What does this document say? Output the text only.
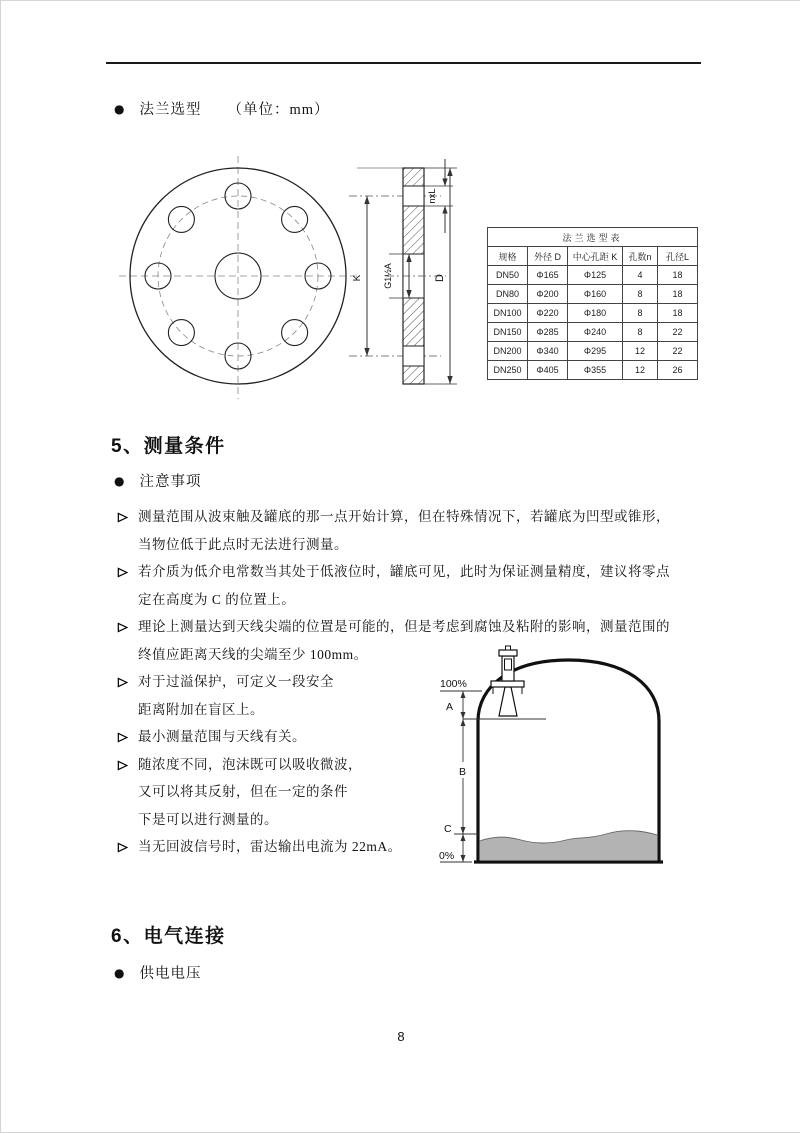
● 法兰选型 （单位：mm）
K
nxL
G1½A	D
法兰选型表				
规格	外径 D	中心孔距 K	孔数n	孔径L
DN50	Φ165	Φ125	4	18
DN80	Φ200	Φ160	8	18
DN100	Φ220	Φ180	8	18
DN150	Φ285	Φ240	8	22
DN200	Φ340	Φ295	12	22
DN250	Φ405	Φ355	12	26
5、测量条件
● 注意事项
测量范围从波束触及罐底的那一点开始计算，但在特殊情况下，若罐底为凹型或锥形，
当物位低于此点时无法进行测量。
若介质为低介电常数当其处于低液位时，罐底可见，此时为保证测量精度，建议将零点
定在高度为 C 的位置上。
理论上测量达到天线尖端的位置是可能的，但是考虑到腐蚀及粘附的影响，测量范围的
终值应距离天线的尖端至少 100mm。
对于过溢保护，可定义一段安全
距离附加在盲区上。
最小测量范围与天线有关。
随浓度不同，泡沫既可以吸收微波，
又可以将其反射，但在一定的条件
下是可以进行测量的。
当无回波信号时，雷达输出电流为 22mA。
100%
A
B
C
0%
6、电气连接
● 供电电压
8
